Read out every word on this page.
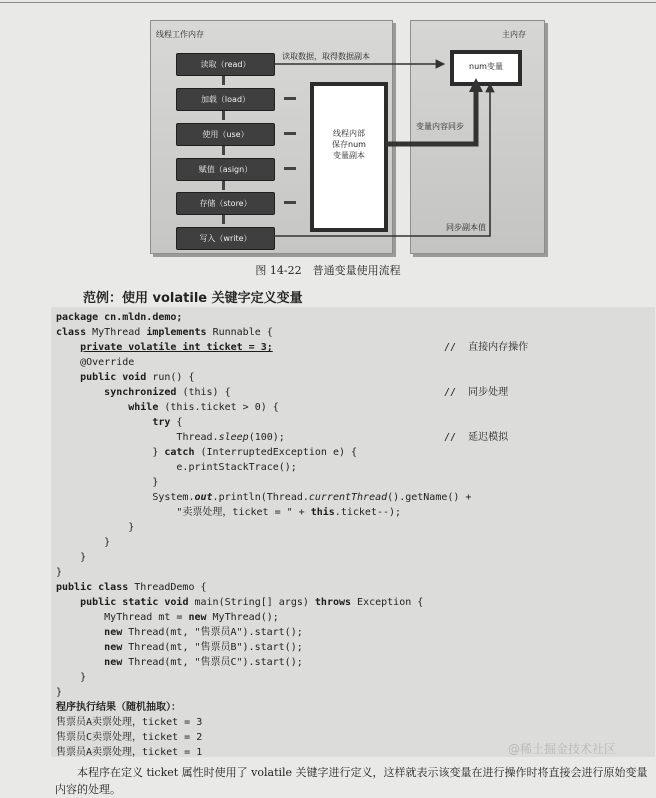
线程工作内存	主内存
读取（read）
加载（load）
使用（use）
赋值（asign）
存储（store）
写入（write）
线程内部
保存num
变量副本
num变量
读取数据，取得数据副本
变量内容同步
同步副本值
图 14-22　普通变量使用流程
范例：使用 volatile 关键字定义变量
package cn.mldn.demo;
class MyThread implements Runnable {
private volatile int ticket = 3;	//  直接内存操作
@Override
public void run() {
synchronized (this) {	//  同步处理
while (this.ticket > 0) {
try {
Thread.sleep(100);	//  延迟模拟
} catch (InterruptedException e) {
e.printStackTrace();
}
System.out.println(Thread.currentThread().getName() +
"卖票处理，ticket = " + this.ticket--);
}
}
}
}
public class ThreadDemo {
public static void main(String[] args) throws Exception {
MyThread mt = new MyThread();
new Thread(mt, "售票员A").start();
new Thread(mt, "售票员B").start();
new Thread(mt, "售票员C").start();
}
}
程序执行结果（随机抽取）：
售票员A卖票处理，ticket = 3
售票员C卖票处理，ticket = 2
售票员A卖票处理，ticket = 1
　　本程序在定义 ticket 属性时使用了 volatile 关键字进行定义，这样就表示该变量在进行操作时将直接会进行原始变量内容的处理。
@稀土掘金技术社区
